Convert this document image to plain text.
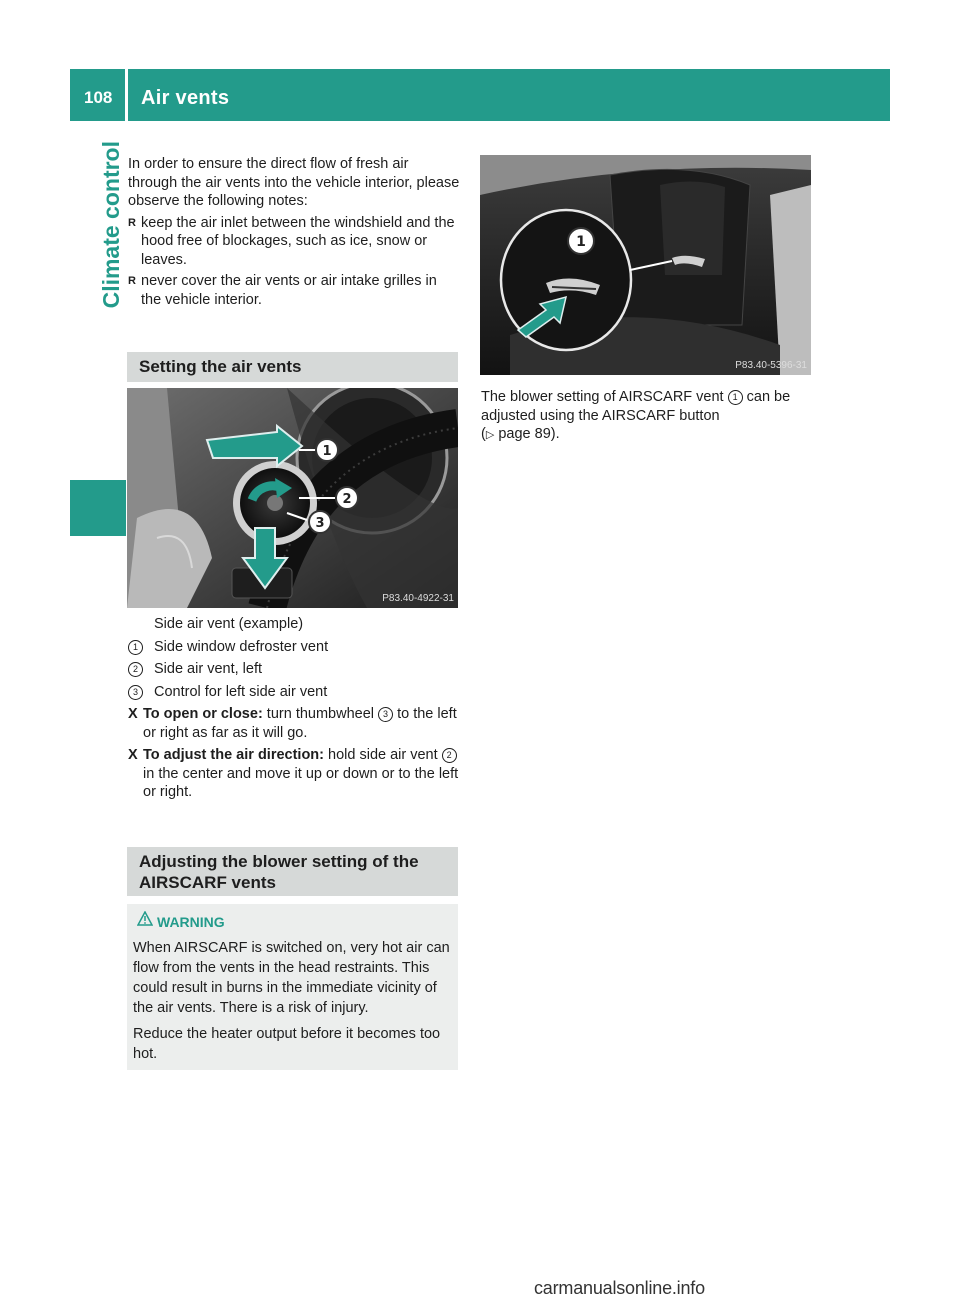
108 Air vents
Climate control In order to ensure the direct flow of fresh air through the air vents into the vehicle interior, please observe the following notes:

R keep the air inlet between the windshield and the hood free of blockages, such as ice, snow or leaves.
R never cover the air vents or air intake grilles in the vehicle interior.
Setting the air vents
1
2
3
P83.40-4922-31

Side air vent (example)

1	Side window defroster vent
2	Side air vent, left
3	Control for left side air vent
X To open or close: turn thumbwheel 3 to the left or right as far as it will go.
X To adjust the air direction: hold side air vent 2 in the center and move it up or down or to the left or right.
Adjusting the blower setting of the
AIRSCARF vents
WARNING

When AIRSCARF is switched on, very hot air can flow from the vents in the head restraints. This could result in burns in the immediate vicinity of the air vents. There is a risk of injury.

Reduce the heater output before it becomes too hot.

1
P83.40-5396-31

The blower setting of AIRSCARF vent 1 can be adjusted using the AIRSCARF button

(▷ page 89).

carmanualsonline.info
